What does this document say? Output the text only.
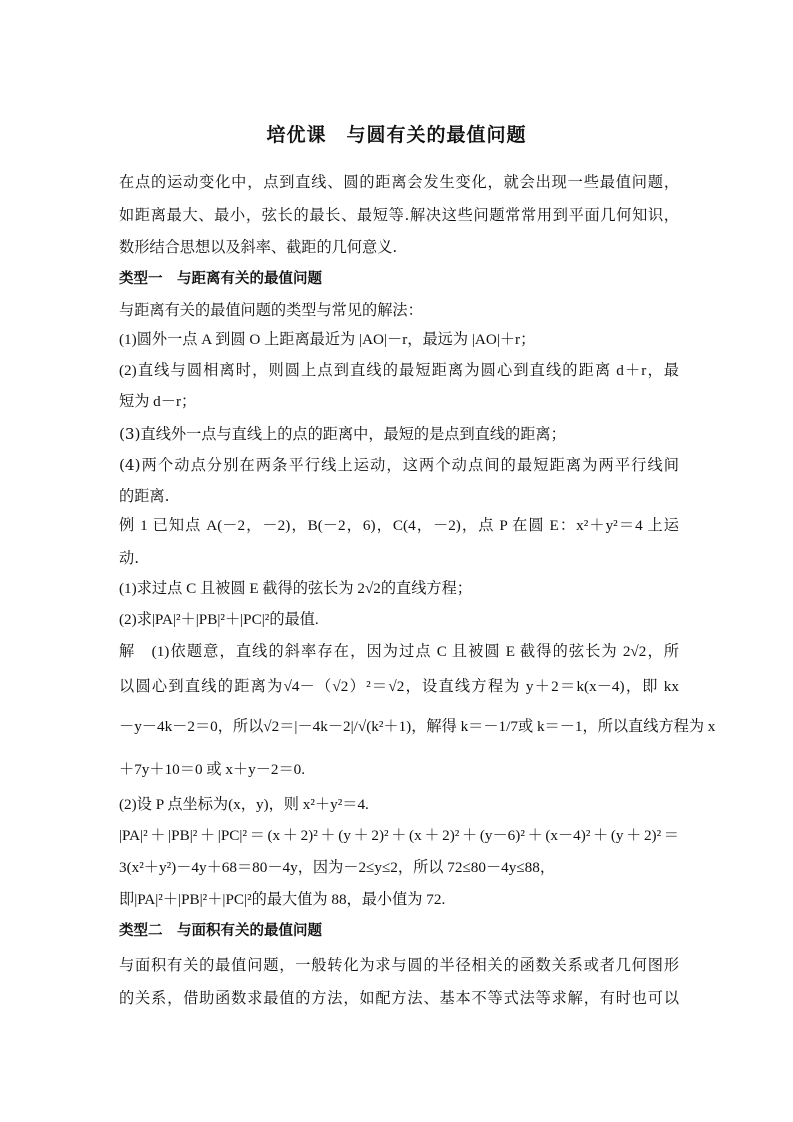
培优课　与圆有关的最值问题
在点的运动变化中，点到直线、圆的距离会发生变化，就会出现一些最值问题，
如距离最大、最小，弦长的最长、最短等.解决这些问题常常用到平面几何知识，
数形结合思想以及斜率、截距的几何意义.
类型一　与距离有关的最值问题
与距离有关的最值问题的类型与常见的解法：
(1)圆外一点 A 到圆 O 上距离最近为 |AO|－r，最远为 |AO|＋r；
(2)直线与圆相离时，则圆上点到直线的最短距离为圆心到直线的距离 d＋r，最
短为 d－r；
(3)直线外一点与直线上的点的距离中，最短的是点到直线的距离；
(4)两个动点分别在两条平行线上运动，这两个动点间的最短距离为两平行线间
的距离.
例 1 已知点 A(－2，－2)，B(－2，6)，C(4，－2)，点 P 在圆 E：x²＋y²＝4 上运
动.
(1)求过点 C 且被圆 E 截得的弦长为 2√2的直线方程；
(2)求|PA|²＋|PB|²＋|PC|²的最值.
解　(1)依题意，直线的斜率存在，因为过点 C 且被圆 E 截得的弦长为 2√2，所
以圆心到直线的距离为√4－（√2）²＝√2，设直线方程为 y＋2＝k(x－4)，即 kx
－y－4k－2＝0，所以√2＝|－4k－2|/√(k²＋1)，解得 k＝－1/7或 k＝－1，所以直线方程为 x
＋7y＋10＝0 或 x＋y－2＝0.
(2)设 P 点坐标为(x，y)，则 x²＋y²＝4.
|PA|²＋|PB|²＋|PC|²＝(x＋2)²＋(y＋2)²＋(x＋2)²＋(y－6)²＋(x－4)²＋(y＋2)²＝
3(x²＋y²)－4y＋68＝80－4y，因为－2≤y≤2，所以 72≤80－4y≤88，
即|PA|²＋|PB|²＋|PC|²的最大值为 88，最小值为 72.
类型二　与面积有关的最值问题
与面积有关的最值问题，一般转化为求与圆的半径相关的函数关系或者几何图形
的关系，借助函数求最值的方法，如配方法、基本不等式法等求解，有时也可以
